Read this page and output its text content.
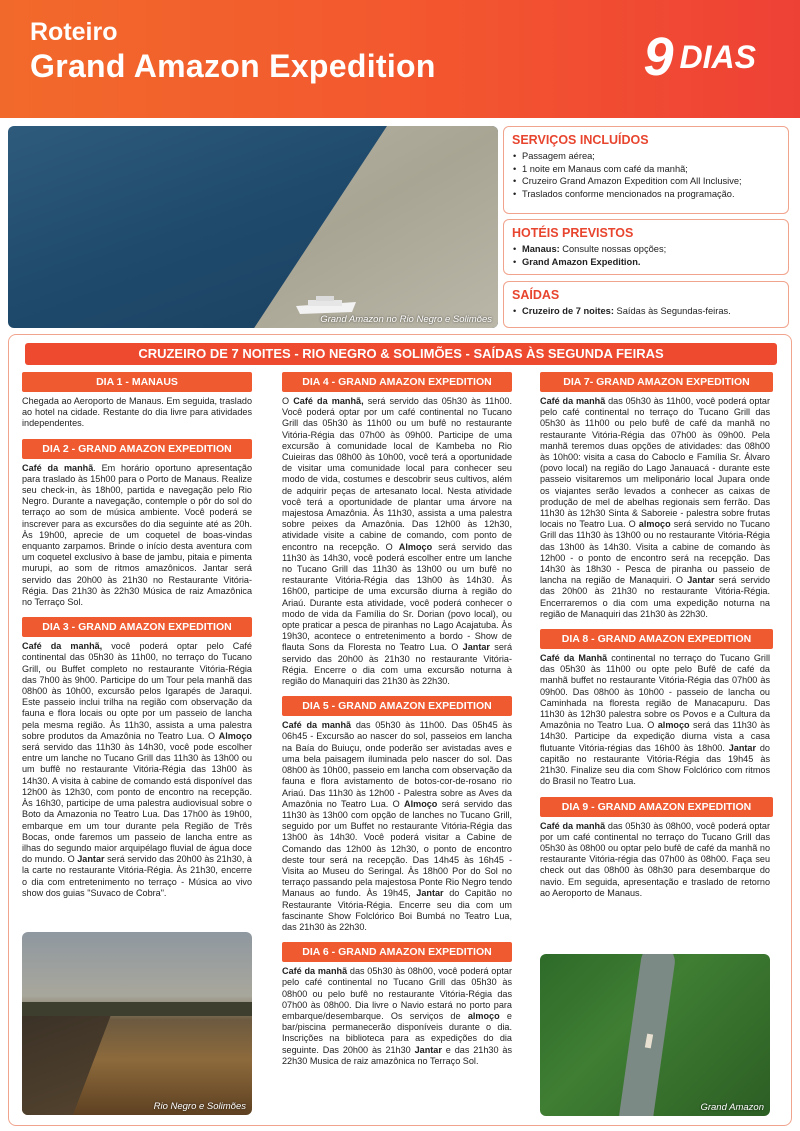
Roteiro
Grand Amazon Expedition	9 DIAS
Grand Amazon no Rio Negro e Solimões
SERVIÇOS INCLUÍDOS
• Passagem aérea;
• 1 noite em Manaus com café da manhã;
• Cruzeiro Grand Amazon Expedition com All Inclusive;
• Traslados conforme mencionados na programação.
HOTÉIS PREVISTOS
• Manaus: Consulte nossas opções;
• Grand Amazon Expedition.
SAÍDAS
• Cruzeiro de 7 noites: Saídas às Segundas-feiras.
CRUZEIRO DE 7 NOITES - RIO NEGRO & SOLIMÕES - SAÍDAS ÀS SEGUNDA FEIRAS
DIA 1 - MANAUS
Chegada ao Aeroporto de Manaus. Em seguida, traslado ao hotel na cidade. Restante do dia livre para atividades independentes.
DIA 2 - GRAND AMAZON EXPEDITION
Café da manhã. Em horário oportuno apresentação para traslado às 15h00 para o Porto de Manaus. Realize seu check-in, às 18h00, partida e navegação pelo Rio Negro. Durante a navegação, contemple o pôr do sol do terraço ao som de música ambiente. Você poderá se inscrever para as excursões do dia seguinte até as 20h. Às 19h00, aprecie de um coquetel de boas-vindas enquanto zarpamos. Brinde o início desta aventura com um coquetel exclusivo à base de jambu, pitaia e pimenta murupi, ao som de ritmos amazônicos. Jantar será servido das 20h00 às 21h30 no Restaurante Vitória-Régia. Das 21h30 às 22h30 Música de raiz Amazônica no Terraço Sol.
DIA 3 - GRAND AMAZON EXPEDITION
Café da manhã, você poderá optar pelo Café continental das 05h30 às 11h00, no terraço do Tucano Grill, ou Buffet completo no restaurante Vitória-Régia das 7h00 às 9h00. Participe do um Tour pela manhã das 08h00 às 10h00, excursão pelos Igarapés de Jaraqui. Este passeio inclui trilha na região com observação da fauna e flora locais ou opte por um passeio de lancha pela mesma região. Às 11h30, assista a uma palestra sobre produtos da Amazônia no Teatro Lua. O Almoço será servido das 11h30 às 14h30, você pode escolher entre um lanche no Tucano Grill das 11h30 às 13h00 ou um buffê no restaurante Vitória-Régia das 13h00 às 14h30. A visita à cabine de comando está disponível das 12h00 às 12h30, com ponto de encontro na recepção. Às 16h30, participe de uma palestra audiovisual sobre o Boto da Amazonia no Teatro Lua. Das 17h00 às 19h00, embarque em um tour durante pela Região de Três Bocas, onde faremos um passeio de lancha entre as ilhas do segundo maior arquipélago fluvial de água doce do mundo. O Jantar será servido das 20h00 às 21h30, à la carte no restaurante Vitória-Régia. Às 21h30, encerre o dia com entretenimento no terraço - Música ao vivo show dos guias "Suvaco de Cobra".
DIA 4 - GRAND AMAZON EXPEDITION
O Café da manhã, será servido das 05h30 às 11h00. Você poderá optar por um café continental no Tucano Grill das 05h30 às 11h00 ou um bufê no restaurante Vitória-Régia das 07h00 às 09h00. Participe de uma excursão à comunidade local de Kambeba no Rio Cuieiras das 08h00 às 10h00, você terá a oportunidade de visitar uma comunidade local para conhecer seu modo de vida, costumes e descobrir seus cultivos, além de adquirir peças de artesanato local. Nesta atividade você terá a oportunidade de plantar uma árvore na majestosa Amazônia. Às 11h30, assista a uma palestra sobre peixes da Amazônia. Das 12h00 às 12h30, atividade visite a cabine de comando, com ponto de encontro na recepção. O Almoço será servido das 11h30 às 14h30, você poderá escolher entre um lanche no Tucano Grill das 11h30 às 13h00 ou um bufê no restaurante Vitória-Régia das 13h00 às 14h30. Às 16h00, participe de uma excursão diurna à região do Ariaú. Durante esta atividade, você poderá conhecer o modo de vida da Família do Sr. Dorian (povo local), ou opte praticar a pesca de piranhas no Lago Acajatuba. Às 19h30, acontece o entretenimento a bordo - Show de flauta Sons da Floresta no Teatro Lua. O Jantar será servido das 20h00 às 21h30 no restaurante Vitória-Régia. Encerre o dia com uma excursão noturna à região do Manaquiri das 21h30 às 22h30.
DIA 5 - GRAND AMAZON EXPEDITION
Café da manhã das 05h30 às 11h00. Das 05h45 às 06h45 - Excursão ao nascer do sol, passeios em lancha na Baía do Buiuçu, onde poderão ser avistadas aves e uma bela paisagem iluminada pelo nascer do sol. Das 08h00 às 10h00, passeio em lancha com observação da fauna e flora avistamento de botos-cor-de-rosano rio Ariaú. Das 11h30 às 12h00 - Palestra sobre as Aves da Amazônia no Teatro Lua. O Almoço será servido das 11h30 às 13h00 com opção de lanches no Tucano Grill, seguido por um Buffet no restaurante Vitória-Régia das 13h00 às 14h30. Você poderá visitar a Cabine de Comando das 12h00 às 12h30, o ponto de encontro deste tour será na recepção. Das 14h45 às 16h45 - Visita ao Museu do Seringal. Às 18h00 Por do Sol no terraço passando pela majestosa Ponte Rio Negro tendo Manaus ao fundo. Às 19h45, Jantar do Capitão no Restaurante Vitória-Régia. Encerre seu dia com um fascinante Show Folclórico Boi Bumbá no Teatro Lua, das 21h30 às 22h30.
DIA 6 - GRAND AMAZON EXPEDITION
Café da manhã das 05h30 às 08h00, você poderá optar pelo café continental no Tucano Grill das 05h30 às 08h00 ou pelo bufê no restaurante Vitória-Régia das 07h00 às 08h00. Dia livre o Navio estará no porto para embarque/desembarque. Os serviços de almoço e bar/piscina permanecerão disponíveis durante o dia. Inscrições na biblioteca para as expedições do dia seguinte. Das 20h00 às 21h30 Jantar e das 21h30 às 22h30 Musica de raiz amazônica no Terraço Sol.
DIA 7- GRAND AMAZON EXPEDITION
Café da manhã das 05h30 às 11h00, você poderá optar pelo café continental no terraço do Tucano Grill das 05h30 às 11h00 ou pelo bufê de café da manhã no restaurante Vitória-Régia das 07h00 às 09h00. Pela manhã teremos duas opções de atividades: das 08h00 às 10h00: visita a casa do Caboclo e Família Sr. Álvaro (povo local) na região do Lago Janauacá - durante este passeio visitaremos um meliponário local Jupara onde os viajantes serão levados a conhecer as caixas de produção de mel de abelhas regionais sem ferrão. Das 11h30 às 12h30 Sinta & Saboreie - palestra sobre frutas locais no Teatro Lua. O almoço será servido no Tucano Grill das 11h30 às 13h00 ou no restaurante Vitória-Régia das 13h00 às 14h30. Visita a cabine de comando às 12h00 - o ponto de encontro será na recepção. Das 14h30 às 18h30 - Pesca de piranha ou passeio de lancha na região de Manaquiri. O Jantar será servido das 20h00 às 21h30 no restaurante Vitória-Régia. Encerraremos o dia com uma expedição noturna na região de Manaquiri das 21h30 às 22h30.
DIA 8 - GRAND AMAZON EXPEDITION
Café da Manhã continental no terraço do Tucano Grill das 05h30 às 11h00 ou opte pelo Bufê de café da manhã buffet no restaurante Vitória-Régia das 07h00 às 09h00. Das 08h00 às 10h00 - passeio de lancha ou Caminhada na floresta região de Manacapuru. Das 11h30 às 12h30 palestra sobre os Povos e a Cultura da Amazônia no Teatro Lua. O almoço será das 11h30 às 14h30. Participe da expedição diurna vista a casa flutuante Vitória-régias das 16h00 às 18h00. Jantar do capitão no restaurante Vitória-Régia das 19h45 às 21h30. Finalize seu dia com Show Folclórico com ritmos do Brasil no Teatro Lua.
DIA 9 - GRAND AMAZON EXPEDITION
Café da manhã das 05h30 às 08h00, você poderá optar por um café continental no terraço do Tucano Grill das 05h30 às 08h00 ou optar pelo bufê de café da manhã no restaurante Vitória-régia das 07h00 às 08h00. Faça seu check out das 08h00 às 08h30 para desembarque do navio. Em seguida, apresentação e traslado de retorno ao Aeroporto de Manaus.
Rio Negro e Solimões	Grand Amazon
